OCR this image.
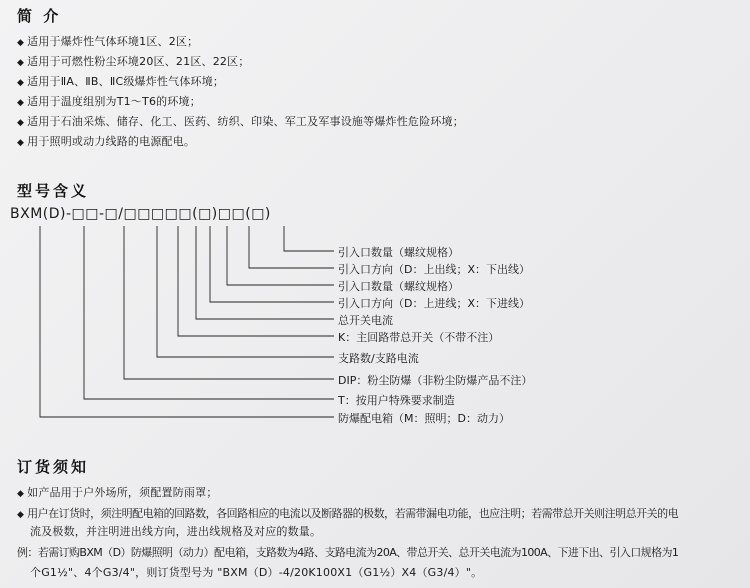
简 介
◆ 适用于爆炸性气体环境1区、2区；
◆ 适用于可燃性粉尘环境20区、21区、22区；
◆ 适用于ⅡA、ⅡB、ⅡC级爆炸性气体环境；
◆ 适用于温度组别为T1～T6的环境；
◆ 适用于石油采炼、储存、化工、医药、纺织、印染、军工及军事设施等爆炸性危险环境；
◆ 用于照明或动力线路的电源配电。
型号含义
BXM(D)-□□-□/□□□□□(□)□□(□)
引入口数量（螺纹规格）
引入口方向（D：上出线；X：下出线）
引入口数量（螺纹规格）
引入口方向（D：上进线；X：下进线）
总开关电流
K：主回路带总开关（不带不注）
支路数/支路电流
DIP：粉尘防爆（非粉尘防爆产品不注）
T：按用户特殊要求制造
防爆配电箱（M：照明；D：动力）
订货须知
◆ 如产品用于户外场所，须配置防雨罩；
◆ 用户在订货时，须注明配电箱的回路数，各回路相应的电流以及断路器的极数，若需带漏电功能，也应注明；若需带总开关则注明总开关的电
流及极数，并注明进出线方向，进出线规格及对应的数量。
例：若需订购BXM（D）防爆照明（动力）配电箱，支路数为4路、支路电流为20A、带总开关、总开关电流为100A、下进下出、引入口规格为1
个G1½"、4个G3/4"，则订货型号为 "BXM（D）-4/20K100X1（G1½）X4（G3/4）"。
